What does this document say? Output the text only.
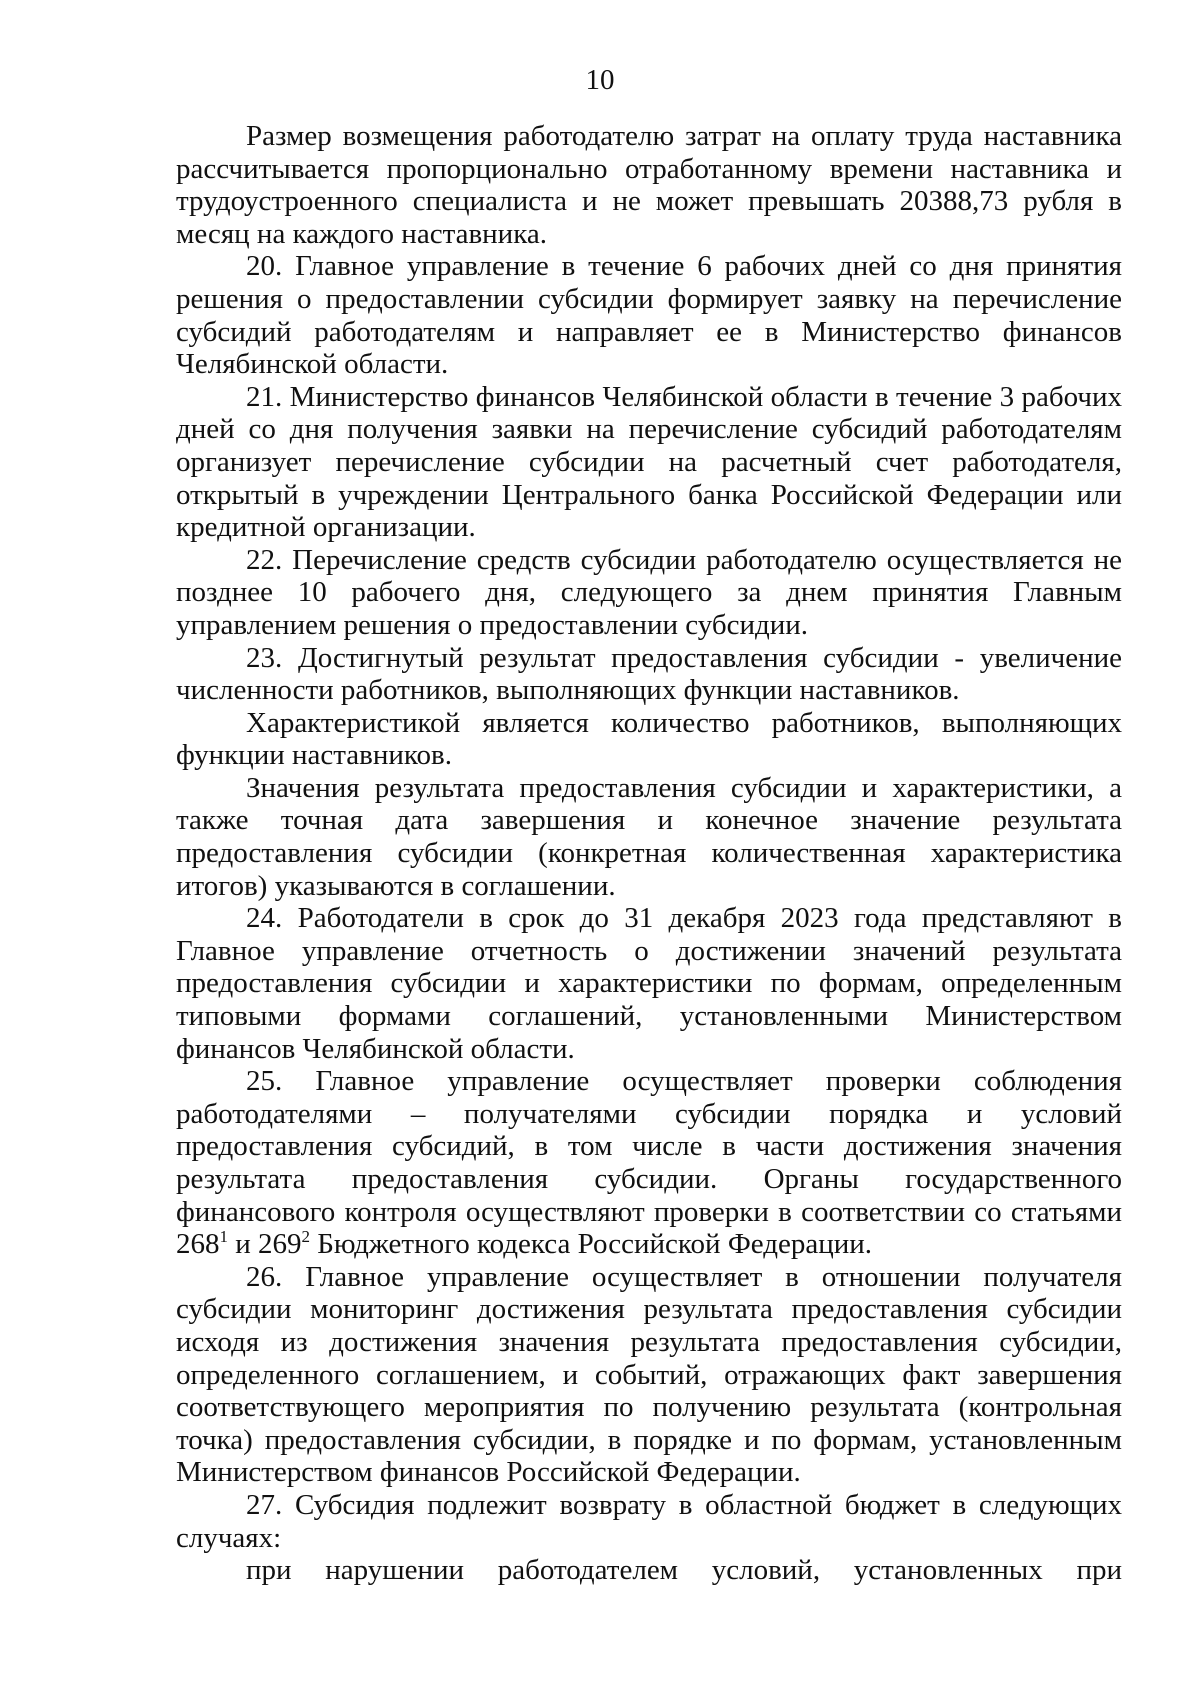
10

Размер возмещения работодателю затрат на оплату труда наставника рассчитывается пропорционально отработанному времени наставника и трудоустроенного специалиста и не может превышать 20388,73 рубля в месяц на каждого наставника.

20. Главное управление в течение 6 рабочих дней со дня принятия решения о предоставлении субсидии формирует заявку на перечисление субсидий работодателям и направляет ее в Министерство финансов Челябинской области.

21. Министерство финансов Челябинской области в течение 3 рабочих дней со дня получения заявки на перечисление субсидий работодателям организует перечисление субсидии на расчетный счет работодателя, открытый в учреждении Центрального банка Российской Федерации или кредитной организации.

22. Перечисление средств субсидии работодателю осуществляется не позднее 10 рабочего дня, следующего за днем принятия Главным управлением решения о предоставлении субсидии.

23. Достигнутый результат предоставления субсидии - увеличение численности работников, выполняющих функции наставников.

Характеристикой является количество работников, выполняющих функции наставников.

Значения результата предоставления субсидии и характеристики, а также точная дата завершения и конечное значение результата предоставления субсидии (конкретная количественная характеристика итогов) указываются в соглашении.

24. Работодатели в срок до 31 декабря 2023 года представляют в Главное управление отчетность о достижении значений результата предоставления субсидии и характеристики по формам, определенным типовыми формами соглашений, установленными Министерством финансов Челябинской области.

25. Главное управление осуществляет проверки соблюдения работодателями – получателями субсидии порядка и условий предоставления субсидий, в том числе в части достижения значения результата предоставления субсидии. Органы государственного финансового контроля осуществляют проверки в соответствии со статьями $268^1$ и $269^2$ Бюджетного кодекса Российской Федерации.

26. Главное управление осуществляет в отношении получателя субсидии мониторинг достижения результата предоставления субсидии исходя из достижения значения результата предоставления субсидии, определенного соглашением, и событий, отражающих факт завершения соответствующего мероприятия по получению результата (контрольная точка) предоставления субсидии, в порядке и по формам, установленным Министерством финансов Российской Федерации.

27. Субсидия подлежит возврату в областной бюджет в следующих случаях:

при нарушении работодателем условий, установленных при
